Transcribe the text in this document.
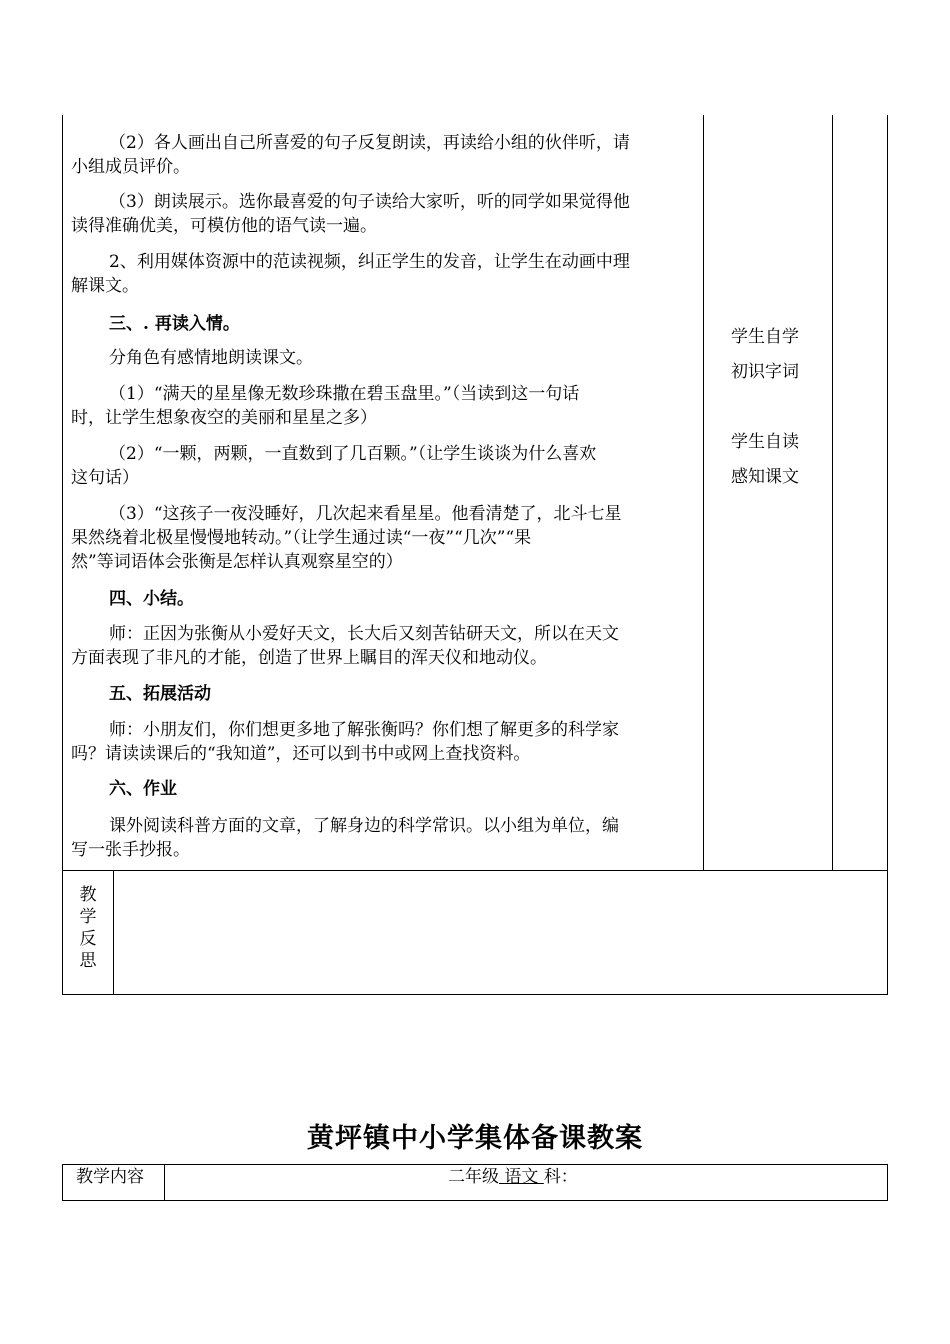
（2）各人画出自己所喜爱的句子反复朗读，再读给小组的伙伴听，请

小组成员评价。

（3）朗读展示。选你最喜爱的句子读给大家听，听的同学如果觉得他

读得准确优美，可模仿他的语气读一遍。

2、利用媒体资源中的范读视频，纠正学生的发音，让学生在动画中理

解课文。

三、. 再读入情。

分角色有感情地朗读课文。

（1）“满天的星星像无数珍珠撒在碧玉盘里。”（当读到这一句话

时，让学生想象夜空的美丽和星星之多）

（2）“一颗，两颗，一直数到了几百颗。”（让学生谈谈为什么喜欢

这句话）

（3）“这孩子一夜没睡好，几次起来看星星。他看清楚了，北斗七星

果然绕着北极星慢慢地转动。”（让学生通过读“一夜”“几次”“果

然”等词语体会张衡是怎样认真观察星空的）

四、小结。

师：正因为张衡从小爱好天文，长大后又刻苦钻研天文，所以在天文

方面表现了非凡的才能，创造了世界上瞩目的浑天仪和地动仪。

五、拓展活动

师：小朋友们，你们想更多地了解张衡吗？你们想了解更多的科学家

吗？请读读课后的“我知道”，还可以到书中或网上查找资料。

六、作业

课外阅读科普方面的文章，了解身边的科学常识。以小组为单位，编

写一张手抄报。

学生自学
初识字词
学生自读
感知课文
教学反思
黄坪镇中小学集体备课教案
教学内容	二年级 语文 科：
